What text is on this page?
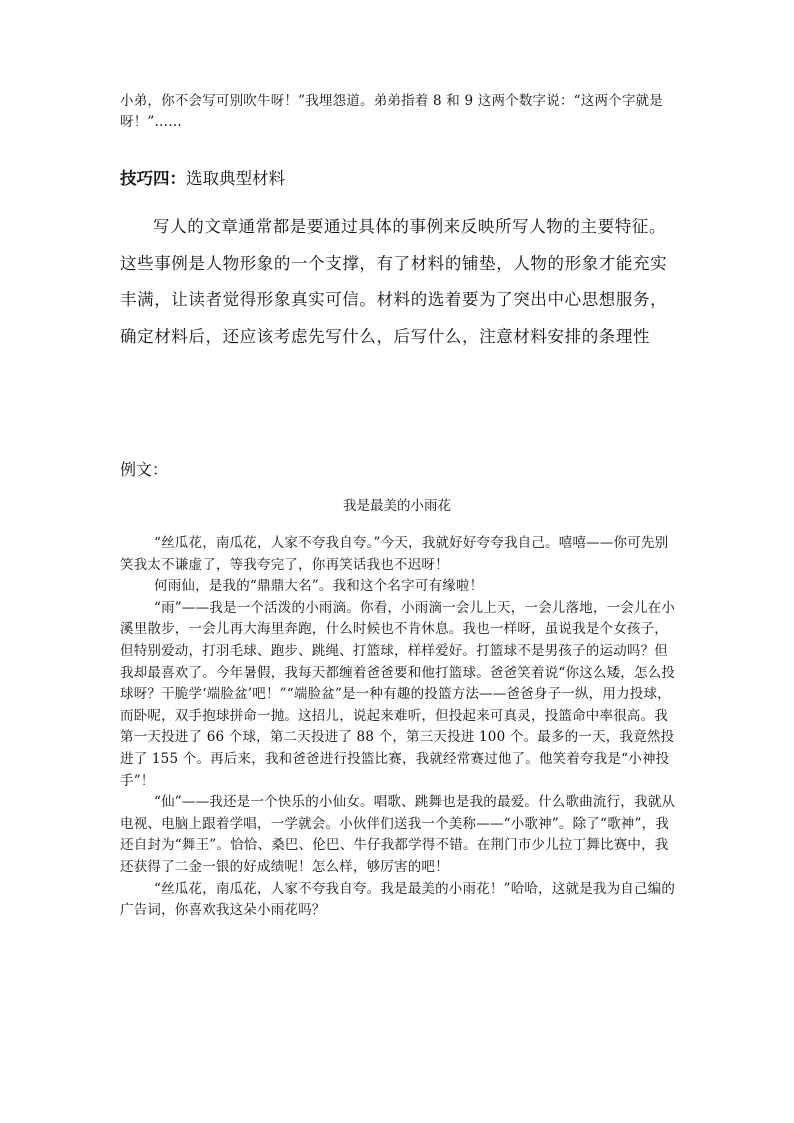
小弟，你不会写可别吹牛呀！”我埋怨道。弟弟指着 8 和 9 这两个数字说：“这两个字就是呀！”……

技巧四：选取典型材料

写人的文章通常都是要通过具体的事例来反映所写人物的主要特征。这些事例是人物形象的一个支撑，有了材料的铺垫，人物的形象才能充实丰满，让读者觉得形象真实可信。材料的选着要为了突出中心思想服务，确定材料后，还应该考虑先写什么，后写什么，注意材料安排的条理性

例文：
我是最美的小雨花

“丝瓜花，南瓜花，人家不夸我自夸。”今天，我就好好夸夸我自己。嘻嘻——你可先别笑我太不谦虚了，等我夸完了，你再笑话我也不迟呀！

何雨仙，是我的“鼎鼎大名”。我和这个名字可有缘啦！

“雨”——我是一个活泼的小雨滴。你看，小雨滴一会儿上天，一会儿落地，一会儿在小溪里散步，一会儿再大海里奔跑，什么时候也不肯休息。我也一样呀，虽说我是个女孩子，但特别爱动，打羽毛球、跑步、跳绳、打篮球，样样爱好。打篮球不是男孩子的运动吗？但我却最喜欢了。今年暑假，我每天都缠着爸爸要和他打篮球。爸爸笑着说“你这么矮，怎么投球呀？干脆学‘端脸盆’吧！”“端脸盆”是一种有趣的投篮方法——爸爸身子一纵，用力投球，而卧呢，双手抱球拼命一抛。这招儿，说起来难听，但投起来可真灵，投篮命中率很高。我第一天投进了 66 个球，第二天投进了 88 个，第三天投进 100 个。最多的一天，我竟然投进了 155 个。再后来，我和爸爸进行投篮比赛，我就经常赛过他了。他笑着夸我是“小神投手”！

“仙”——我还是一个快乐的小仙女。唱歌、跳舞也是我的最爱。什么歌曲流行，我就从电视、电脑上跟着学唱，一学就会。小伙伴们送我一个美称——“小歌神”。除了“歌神”，我还自封为“舞王”。恰恰、桑巴、伦巴、牛仔我都学得不错。在荆门市少儿拉丁舞比赛中，我还获得了二金一银的好成绩呢！怎么样，够厉害的吧！

“丝瓜花，南瓜花，人家不夸我自夸。我是最美的小雨花！”哈哈，这就是我为自己编的广告词，你喜欢我这朵小雨花吗？
